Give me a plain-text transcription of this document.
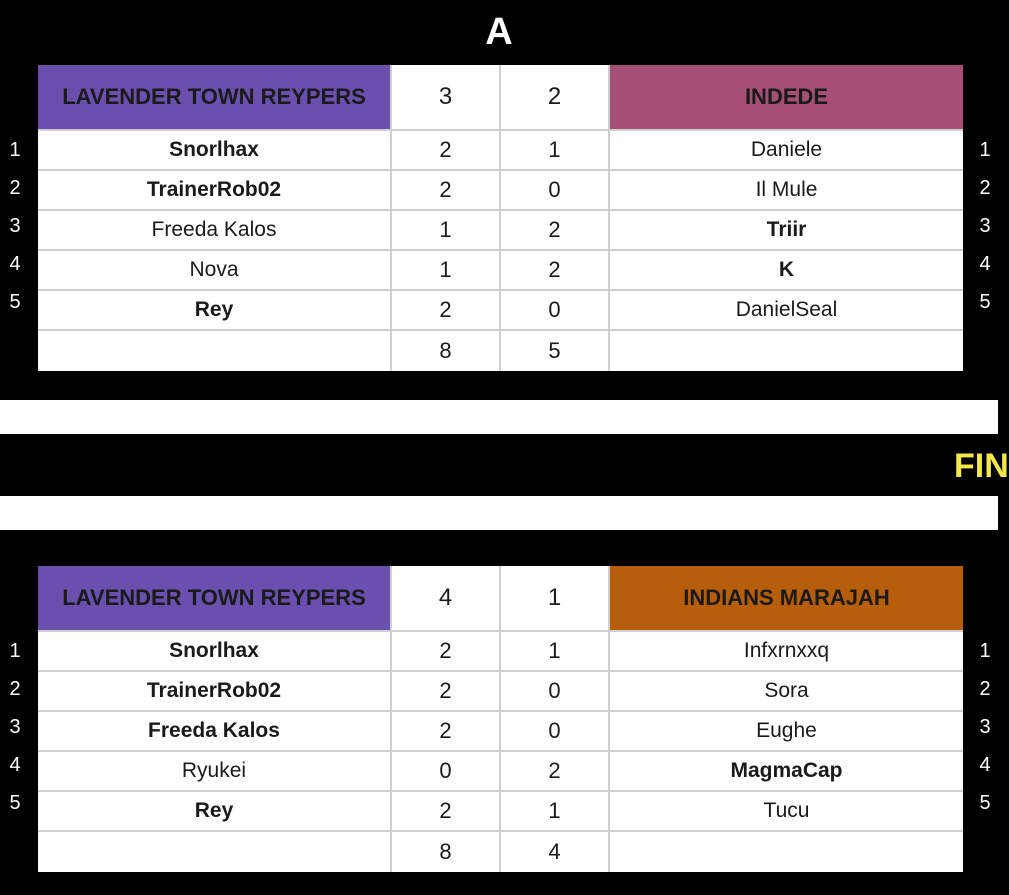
A
FIN
1
2
3
4
5
1
2
3
4
5
LAVENDER TOWN REYPERS	3	2	INDEDE
Snorlhax	2	1	Daniele
TrainerRob02	2	0	Il Mule
Freeda Kalos	1	2	Triir
Nova	1	2	K
Rey	2	0	DanielSeal
8	5
1
2
3
4
5
1
2
3
4
5
LAVENDER TOWN REYPERS	4	1	INDIANS MARAJAH
Snorlhax	2	1	Infxrnxxq
TrainerRob02	2	0	Sora
Freeda Kalos	2	0	Eughe
Ryukei	0	2	MagmaCap
Rey	2	1	Tucu
8	4
